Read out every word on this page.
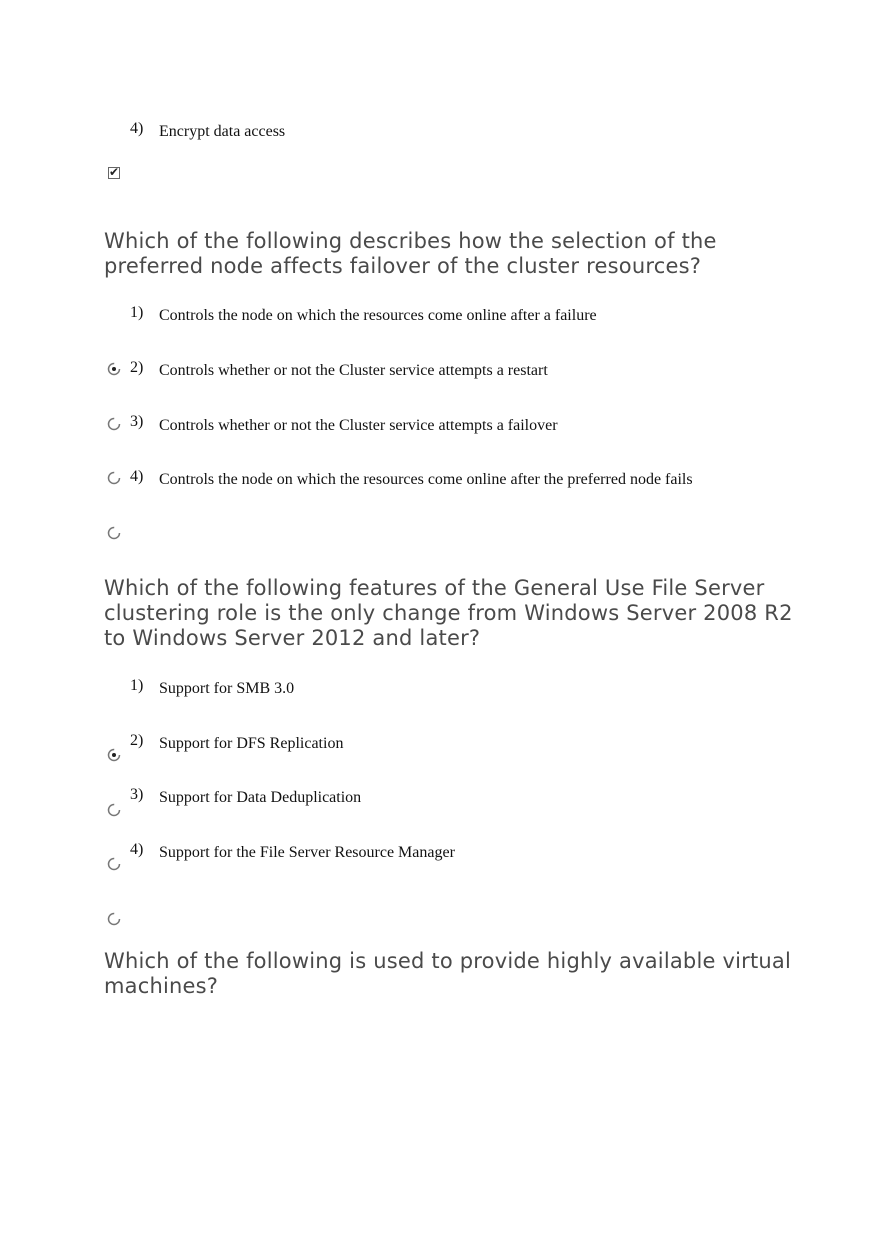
4) Encrypt data access
✔
Which of the following describes how the selection of the preferred node affects failover of the cluster resources?
1) Controls the node on which the resources come online after a failure
2) Controls whether or not the Cluster service attempts a restart
3) Controls whether or not the Cluster service attempts a failover
4) Controls the node on which the resources come online after the preferred node fails
Which of the following features of the General Use File Server clustering role is the only change from Windows Server 2008 R2 to Windows Server 2012 and later?
1) Support for SMB 3.0
2) Support for DFS Replication
3) Support for Data Deduplication
4) Support for the File Server Resource Manager
Which of the following is used to provide highly available virtual machines?
